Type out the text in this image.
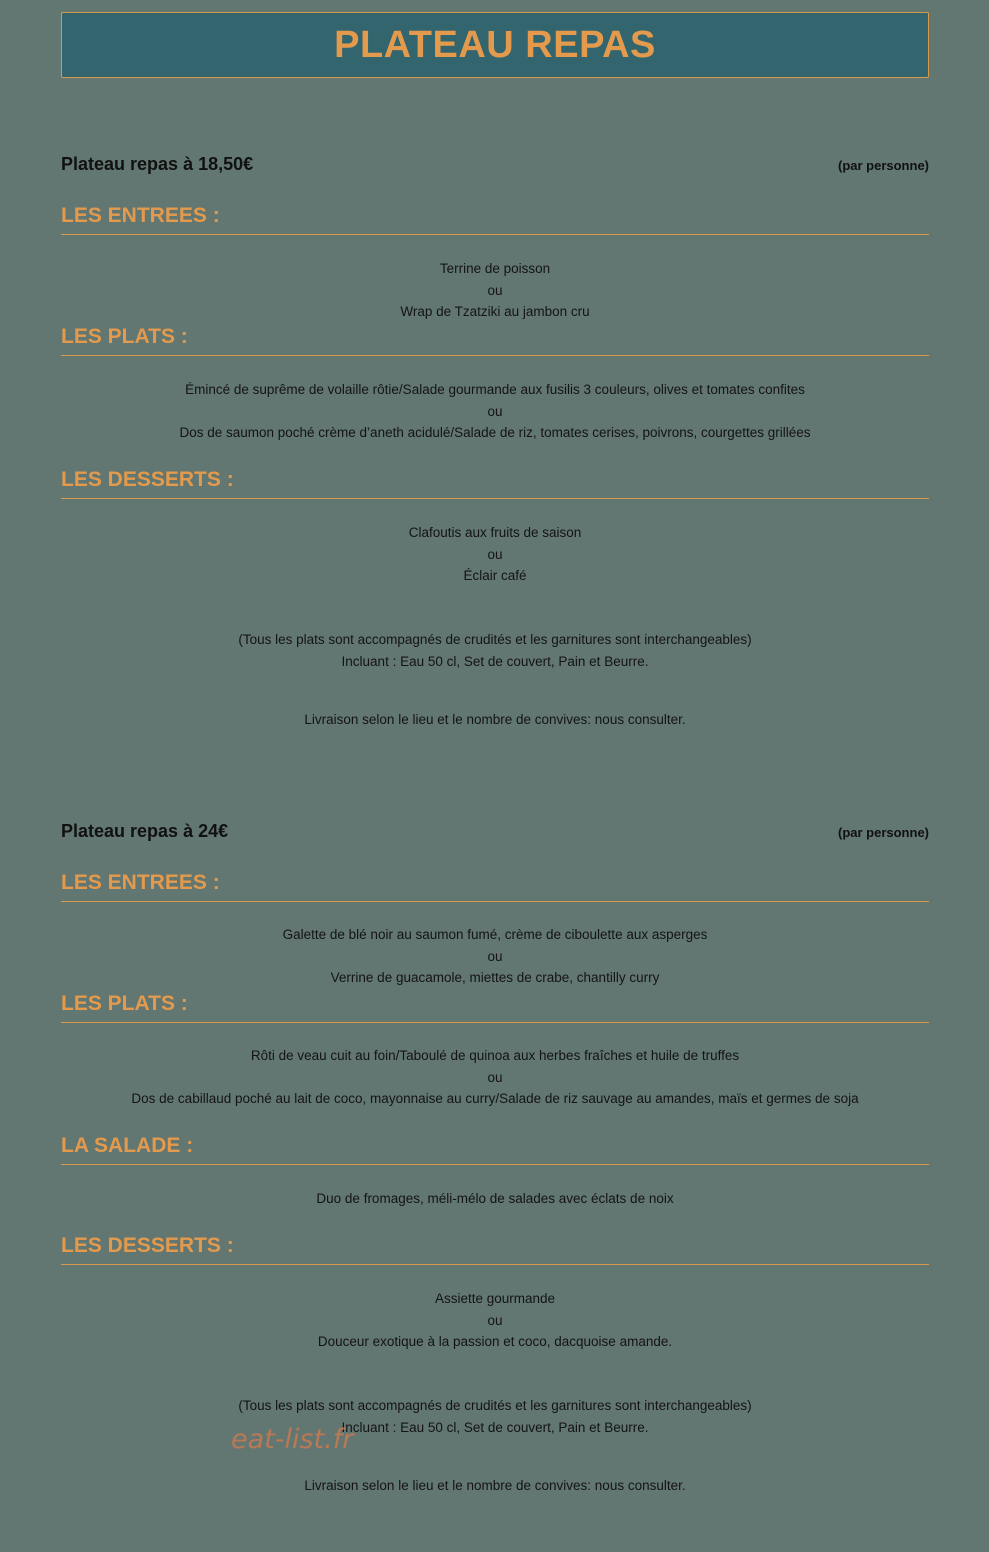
PLATEAU REPAS
Plateau repas à 18,50€	(par personne)
LES ENTREES :
Terrine de poisson
ou
Wrap de Tzatziki au jambon cru
LES PLATS :
Émincé de suprême de volaille rôtie/Salade gourmande aux fusilis 3 couleurs, olives et tomates confites
ou
Dos de saumon poché crème d’aneth acidulé/Salade de riz, tomates cerises, poivrons, courgettes grillées
LES DESSERTS :
Clafoutis aux fruits de saison
ou
Éclair café
(Tous les plats sont accompagnés de crudités et les garnitures sont interchangeables)
Incluant : Eau 50 cl, Set de couvert, Pain et Beurre.
Livraison selon le lieu et le nombre de convives: nous consulter.
Plateau repas à 24€	(par personne)
LES ENTREES :
Galette de blé noir au saumon fumé, crème de ciboulette aux asperges
ou
Verrine de guacamole, miettes de crabe, chantilly curry
LES PLATS :
Rôti de veau cuit au foin/Taboulé de quinoa aux herbes fraîches et huile de truffes
ou
Dos de cabillaud poché au lait de coco, mayonnaise au curry/Salade de riz sauvage au amandes, maïs et germes de soja
LA SALADE :
Duo de fromages, méli-mélo de salades avec éclats de noix
LES DESSERTS :
Assiette gourmande
ou
Douceur exotique à la passion et coco, dacquoise amande.
(Tous les plats sont accompagnés de crudités et les garnitures sont interchangeables)
Incluant : Eau 50 cl, Set de couvert, Pain et Beurre.
Livraison selon le lieu et le nombre de convives: nous consulter.
eat-list.fr
